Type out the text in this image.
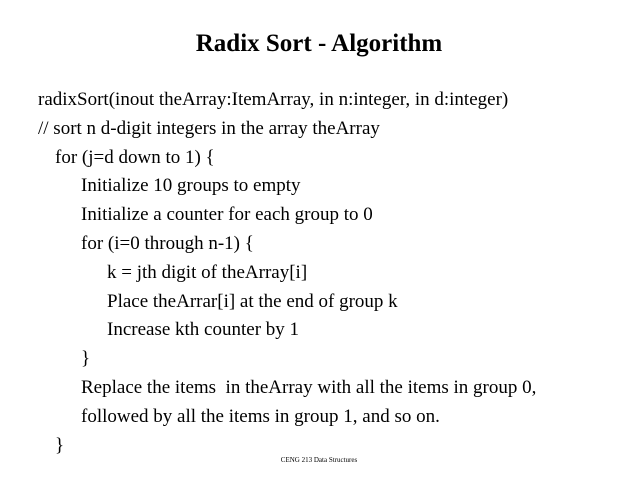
Radix Sort - Algorithm
radixSort(inout theArray:ItemArray, in n:integer, in d:integer)
// sort n d-digit integers in the array theArray
for (j=d down to 1) {
Initialize 10 groups to empty
Initialize a counter for each group to 0
for (i=0 through n-1) {
k = jth digit of theArray[i]
Place theArrar[i] at the end of group k
Increase kth counter by 1
}
Replace the items  in theArray with all the items in group 0,
followed by all the items in group 1, and so on.
}
CENG 213 Data Structures
